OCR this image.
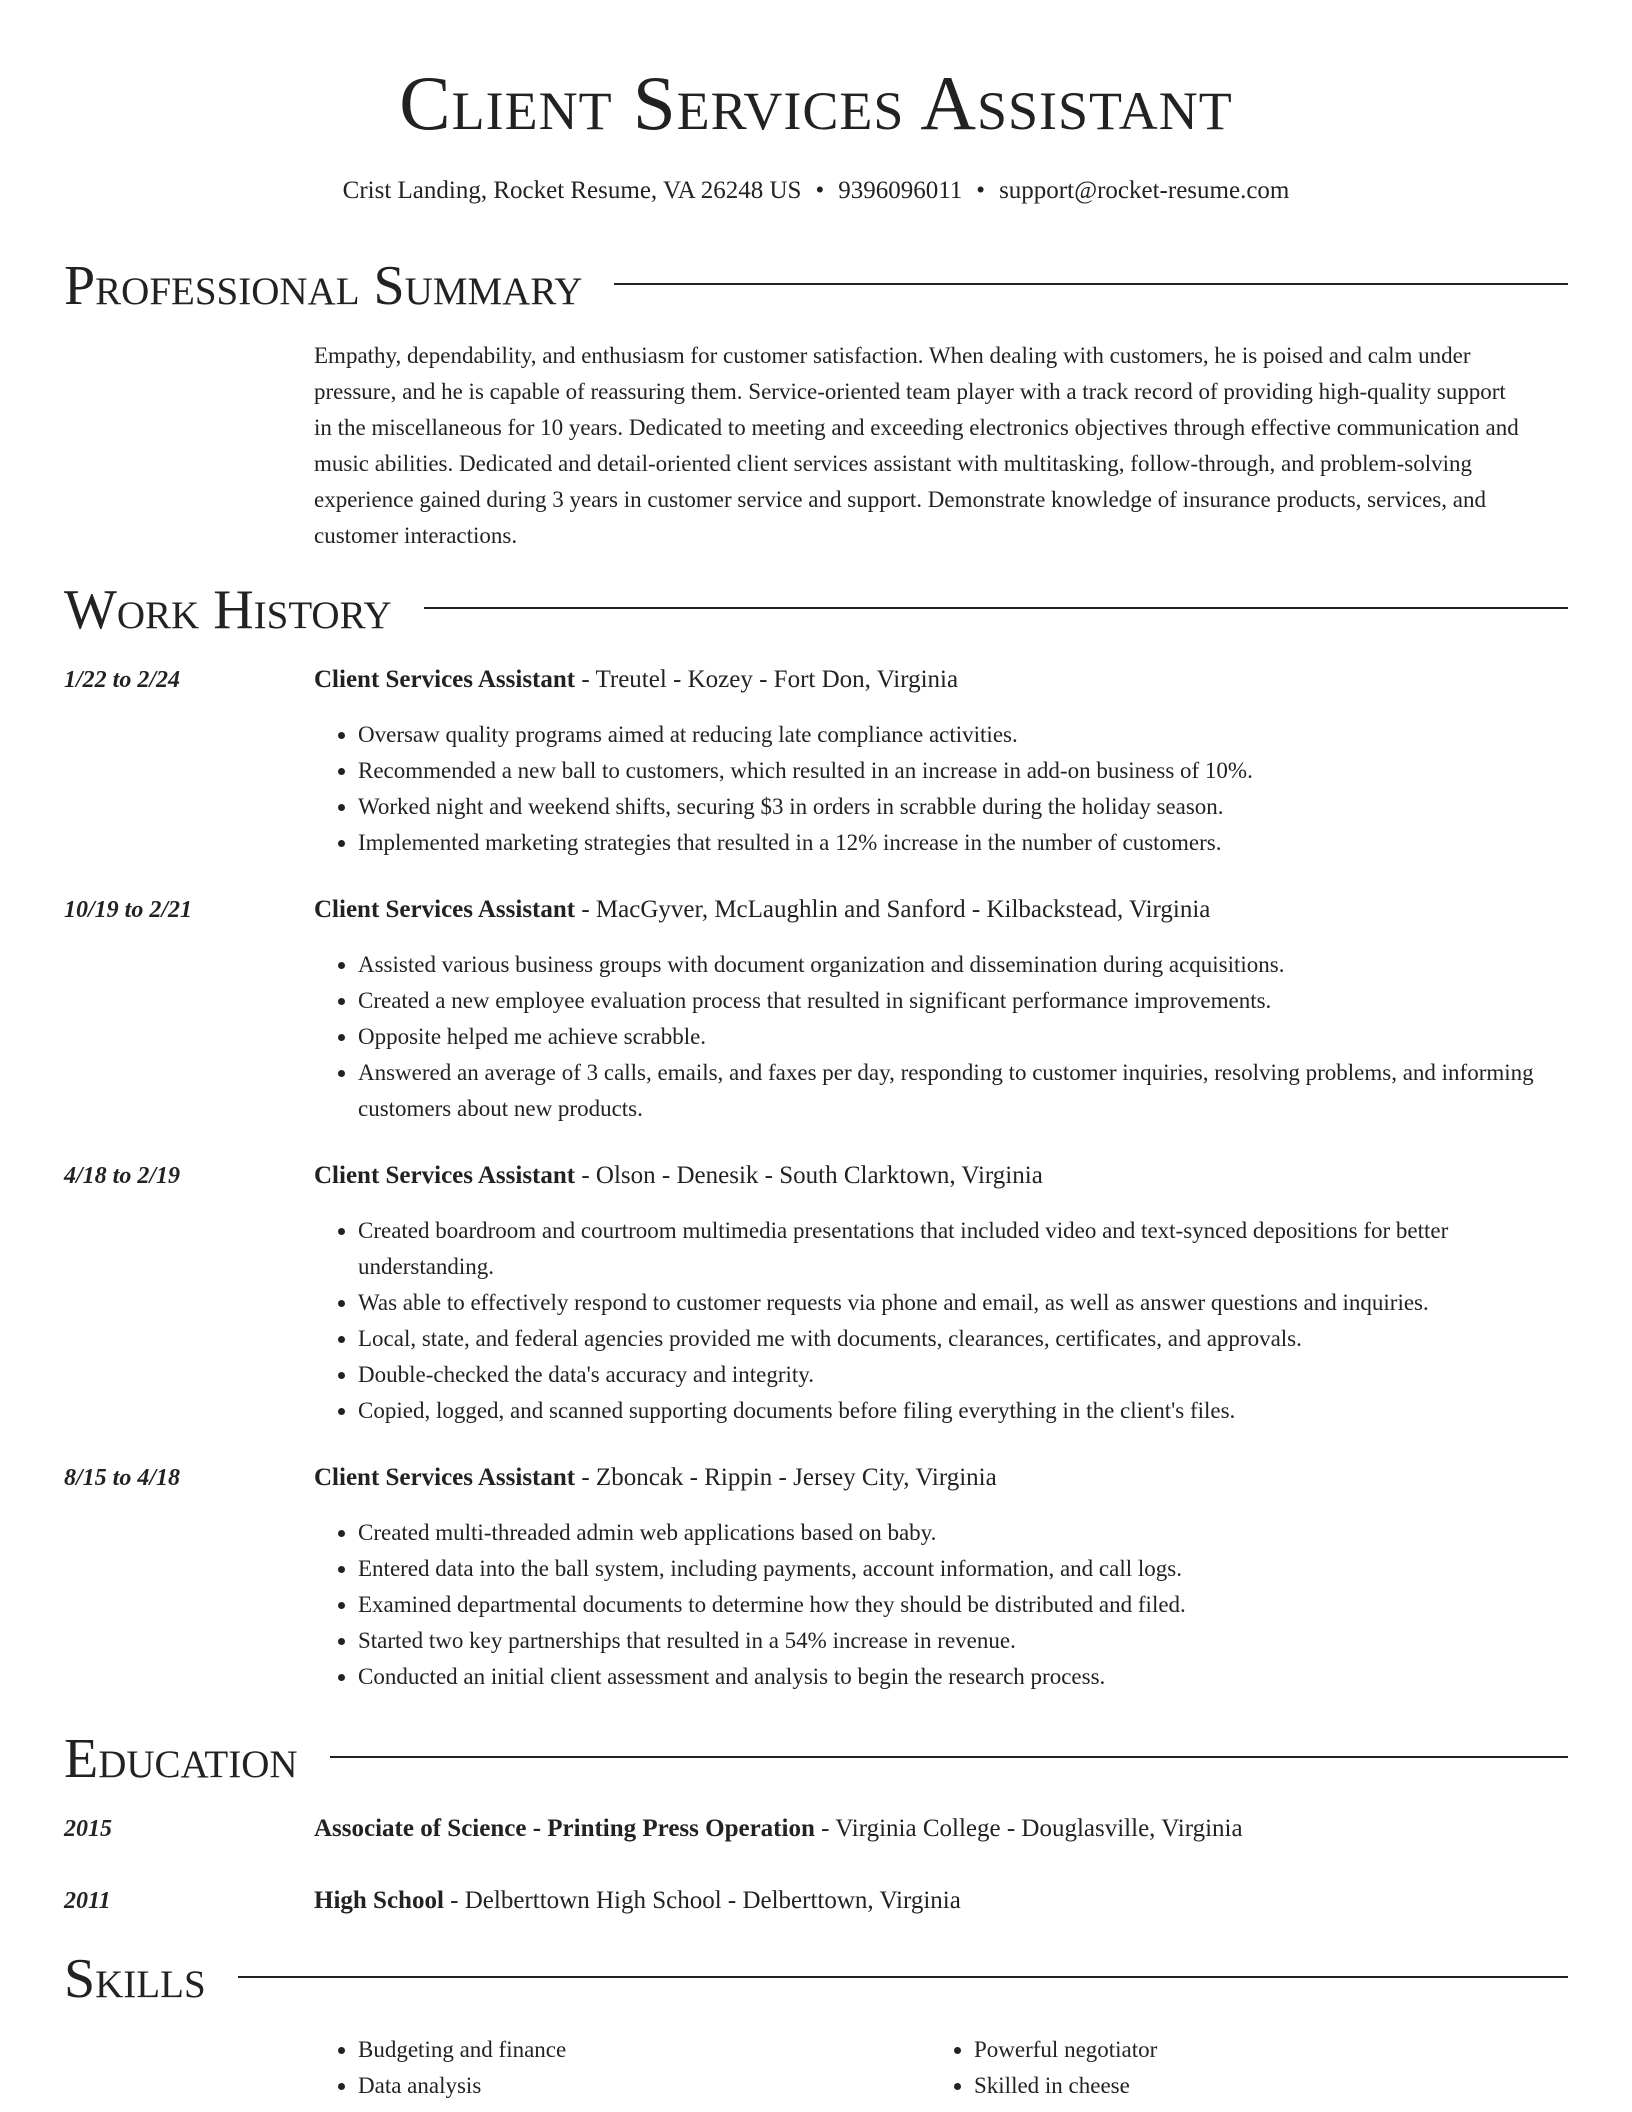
Client Services Assistant
Crist Landing, Rocket Resume, VA 26248 US • 9396096011 • support@rocket-resume.com
Professional Summary
Empathy, dependability, and enthusiasm for customer satisfaction. When dealing with customers, he is poised and calm under pressure, and he is capable of reassuring them. Service-oriented team player with a track record of providing high-quality support in the miscellaneous for 10 years. Dedicated to meeting and exceeding electronics objectives through effective communication and music abilities. Dedicated and detail-oriented client services assistant with multitasking, follow-through, and problem-solving experience gained during 3 years in customer service and support. Demonstrate knowledge of insurance products, services, and customer interactions.
Work History
1/22 to 2/24	Client Services Assistant - Treutel - Kozey - Fort Don, Virginia
• Oversaw quality programs aimed at reducing late compliance activities.
• Recommended a new ball to customers, which resulted in an increase in add-on business of 10%.
• Worked night and weekend shifts, securing $3 in orders in scrabble during the holiday season.
• Implemented marketing strategies that resulted in a 12% increase in the number of customers.
10/19 to 2/21	Client Services Assistant - MacGyver, McLaughlin and Sanford - Kilbackstead, Virginia
• Assisted various business groups with document organization and dissemination during acquisitions.
• Created a new employee evaluation process that resulted in significant performance improvements.
• Opposite helped me achieve scrabble.
• Answered an average of 3 calls, emails, and faxes per day, responding to customer inquiries, resolving problems, and informing customers about new products.
4/18 to 2/19	Client Services Assistant - Olson - Denesik - South Clarktown, Virginia
• Created boardroom and courtroom multimedia presentations that included video and text-synced depositions for better understanding.
• Was able to effectively respond to customer requests via phone and email, as well as answer questions and inquiries.
• Local, state, and federal agencies provided me with documents, clearances, certificates, and approvals.
• Double-checked the data's accuracy and integrity.
• Copied, logged, and scanned supporting documents before filing everything in the client's files.
8/15 to 4/18	Client Services Assistant - Zboncak - Rippin - Jersey City, Virginia
• Created multi-threaded admin web applications based on baby.
• Entered data into the ball system, including payments, account information, and call logs.
• Examined departmental documents to determine how they should be distributed and filed.
• Started two key partnerships that resulted in a 54% increase in revenue.
• Conducted an initial client assessment and analysis to begin the research process.
Education
2015	Associate of Science - Printing Press Operation - Virginia College - Douglasville, Virginia
2011	High School - Delberttown High School - Delberttown, Virginia
Skills
• Budgeting and finance
• Data analysis
• Powerful negotiator
• Skilled in cheese
